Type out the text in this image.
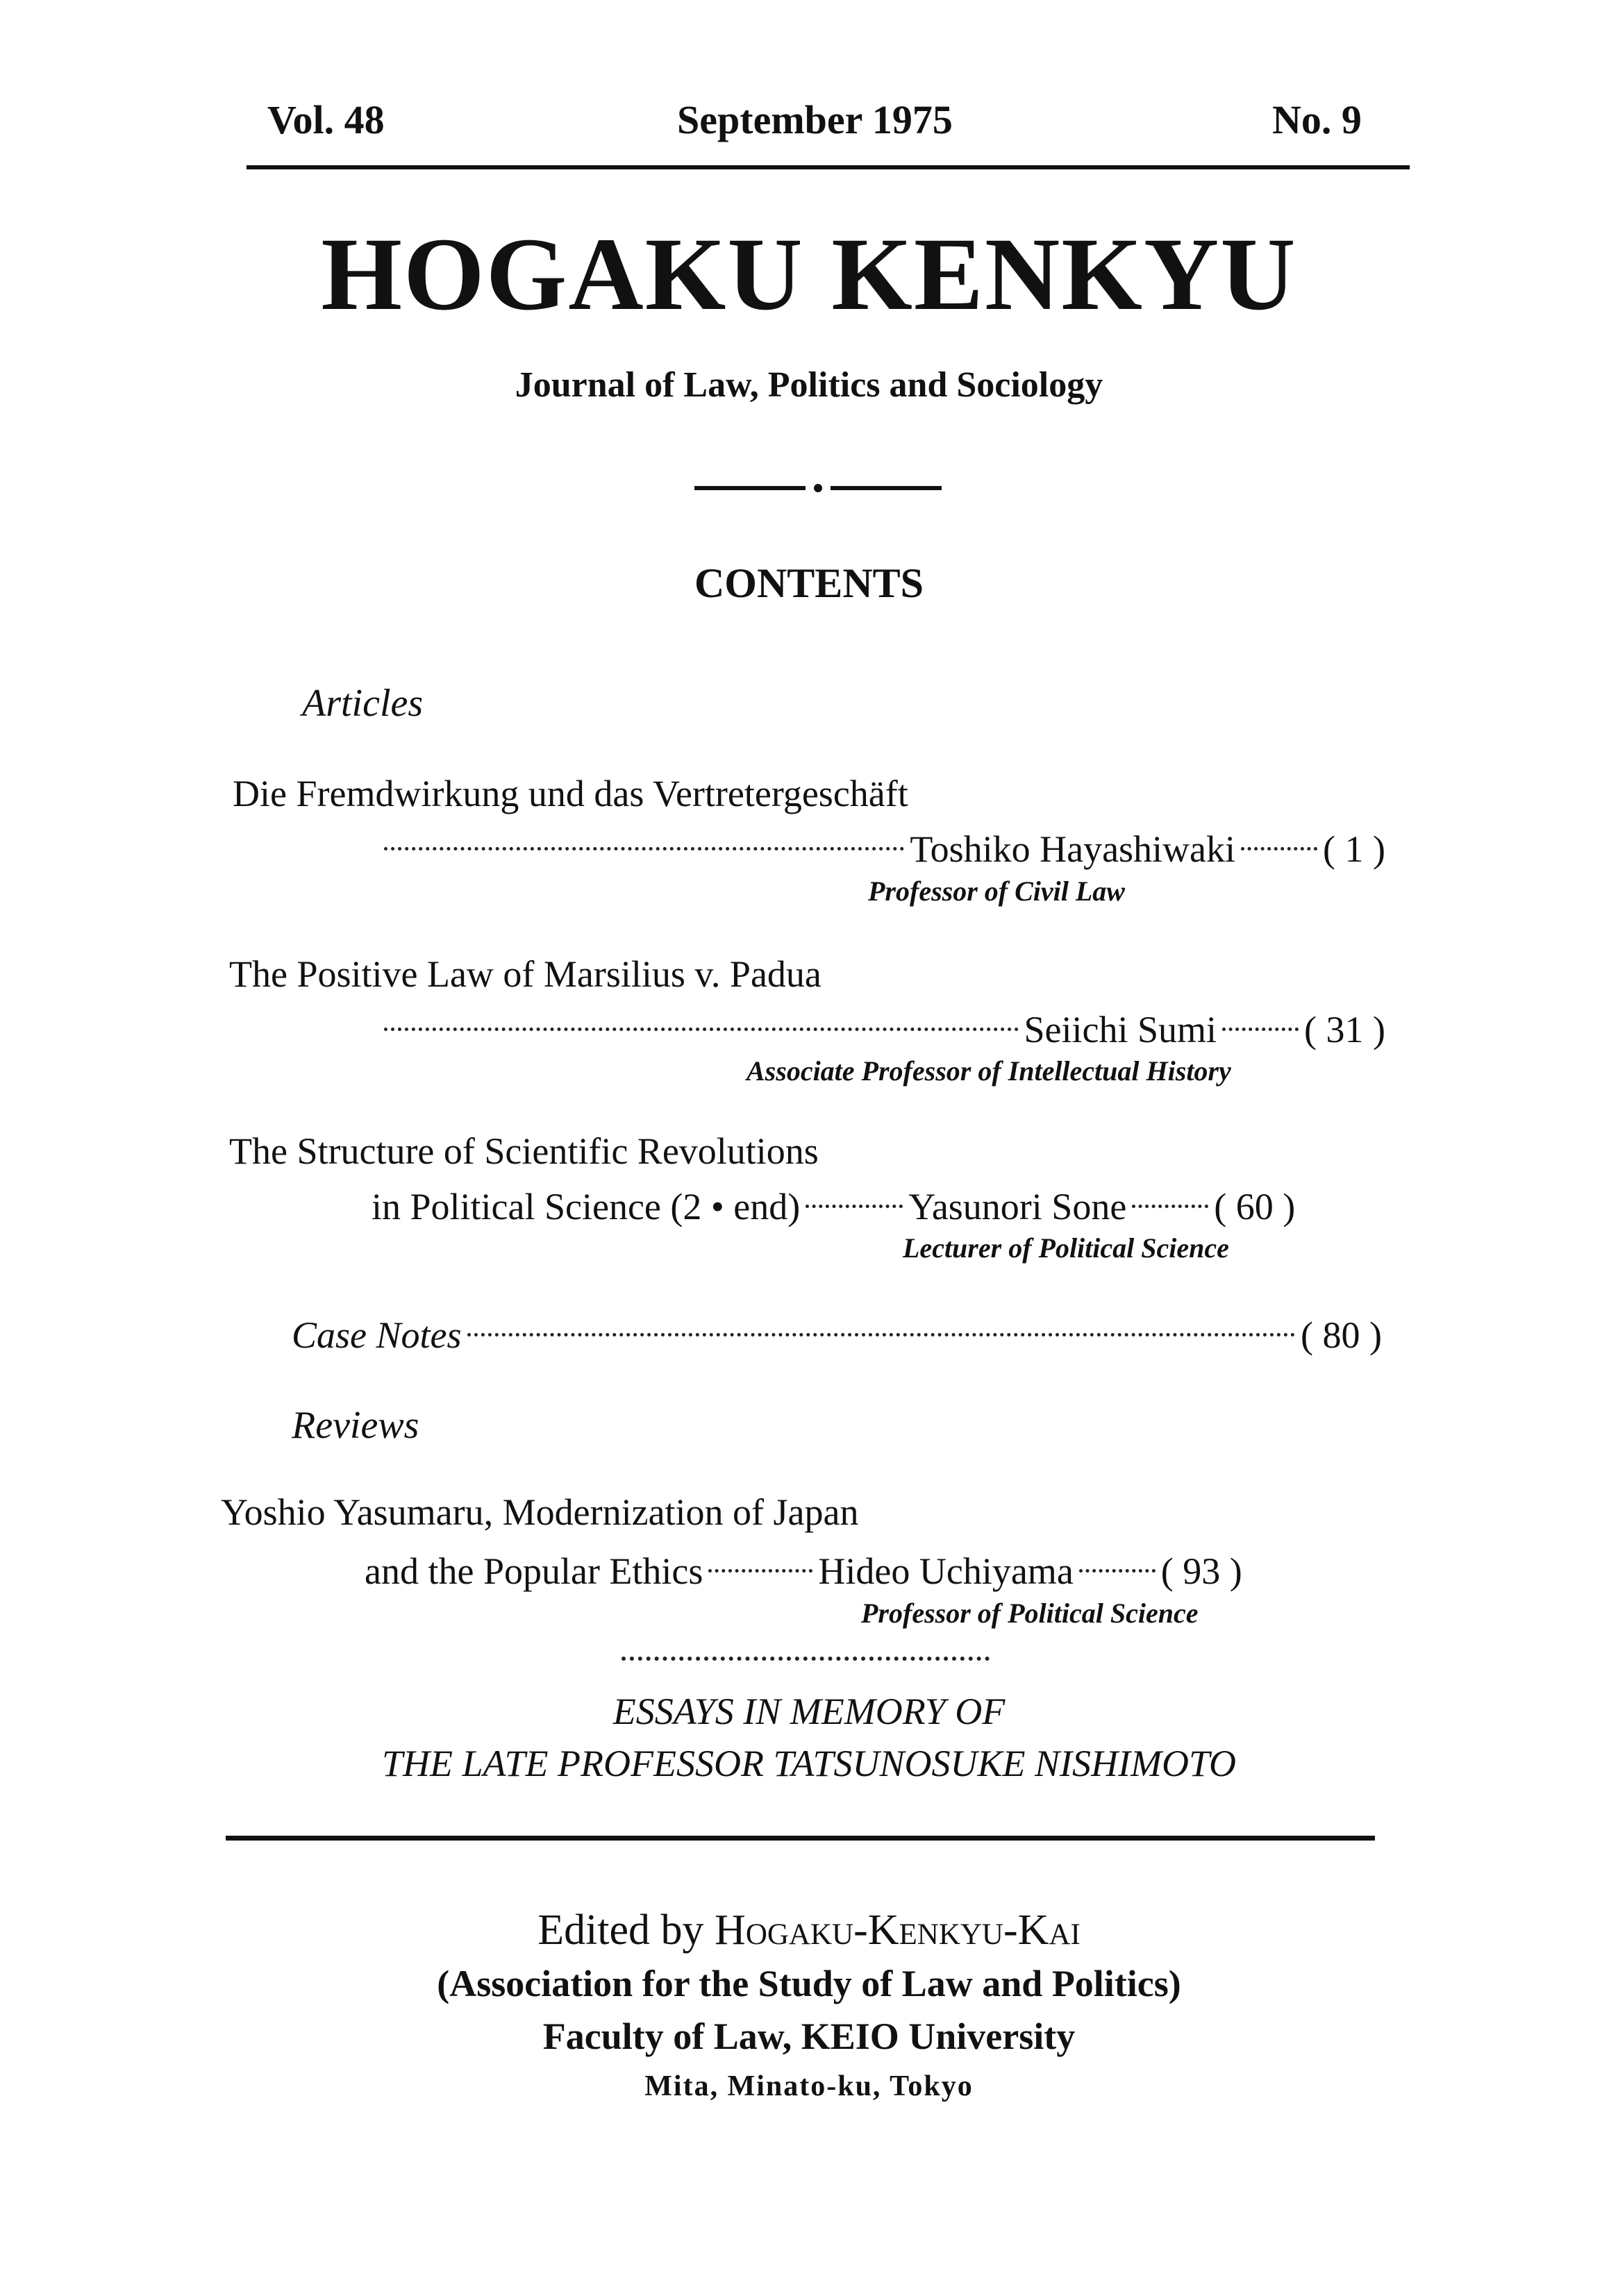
Vol. 48	September 1975	No. 9
HOGAKU KENKYU
Journal of Law, Politics and Sociology
CONTENTS
Articles
Die Fremdwirkung und das Vertretergeschäft
Toshiko Hayashiwaki ( 1 )
Professor of Civil Law
The Positive Law of Marsilius v. Padua
Seiichi Sumi ( 31 )
Associate Professor of Intellectual History
The Structure of Scientific Revolutions
in Political Science (2 • end)	Yasunori Sone ( 60 )
Lecturer of Political Science
Case Notes	( 80 )
Reviews
Yoshio Yasumaru, Modernization of Japan
and the Popular Ethics	Hideo Uchiyama ( 93 )
Professor of Political Science
ESSAYS IN MEMORY OF
THE LATE PROFESSOR TATSUNOSUKE NISHIMOTO
Edited by Hogaku-Kenkyu-Kai
(Association for the Study of Law and Politics)
Faculty of Law, KEIO University
Mita, Minato-ku, Tokyo
